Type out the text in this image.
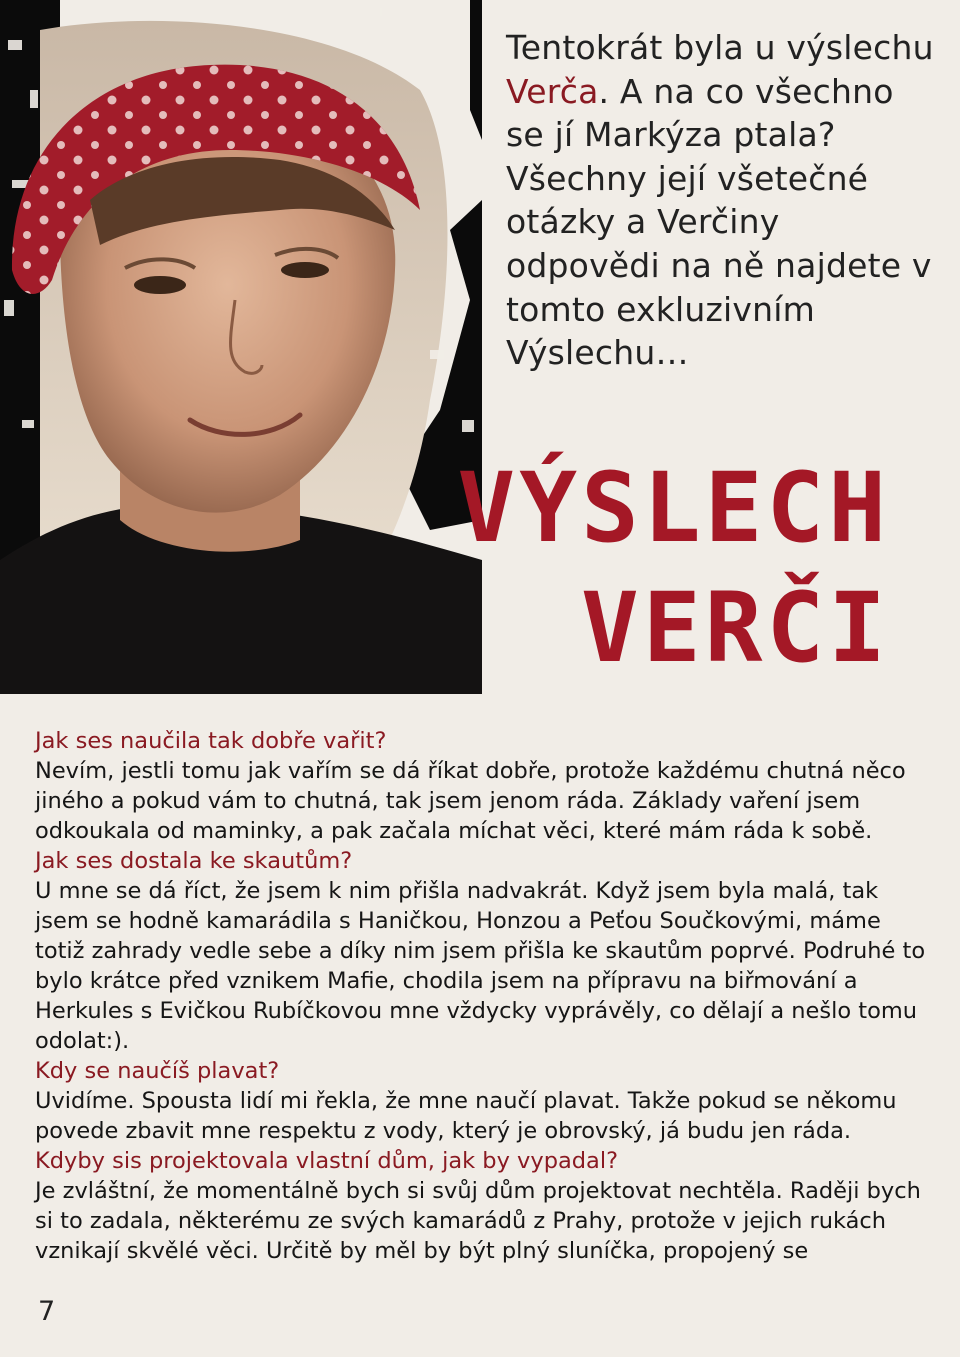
Tentokrát byla u výslechu Verča. A na co všechno se jí Markýza ptala? Všechny její všetečné otázky a Verčiny odpovědi na ně najdete v tomto exkluzivním Výslechu…
VÝSLECH
VERČI

Jak ses naučila tak dobře vařit?

Nevím, jestli tomu jak vařím se dá říkat dobře, protože každému chutná něco jiného a pokud vám to chutná, tak jsem jenom ráda. Základy vaření jsem odkoukala od maminky, a pak začala míchat věci, které mám ráda k sobě.

Jak ses dostala ke skautům?

U mne se dá říct, že jsem k nim přišla nadvakrát. Když jsem byla malá, tak jsem se hodně kamarádila s Haničkou, Honzou a Peťou Součkovými, máme totiž zahrady vedle sebe a díky nim jsem přišla ke skautům poprvé. Podruhé to bylo krátce před vznikem Mafie, chodila jsem na přípravu na biřmování a Herkules s Evičkou Rubíčkovou mne vždycky vyprávěly, co dělají a nešlo tomu odolat:).

Kdy se naučíš plavat?

Uvidíme. Spousta lidí mi řekla, že mne naučí plavat. Takže pokud se někomu povede zbavit mne respektu z vody, který je obrovský, já budu jen ráda.

Kdyby sis projektovala vlastní dům, jak by vypadal?

Je zvláštní, že momentálně bych si svůj dům projektovat nechtěla. Raději bych si to zadala, některému ze svých kamarádů z Prahy, protože v jejich rukách vznikají skvělé věci. Určitě by měl by být plný sluníčka, propojený se

7
